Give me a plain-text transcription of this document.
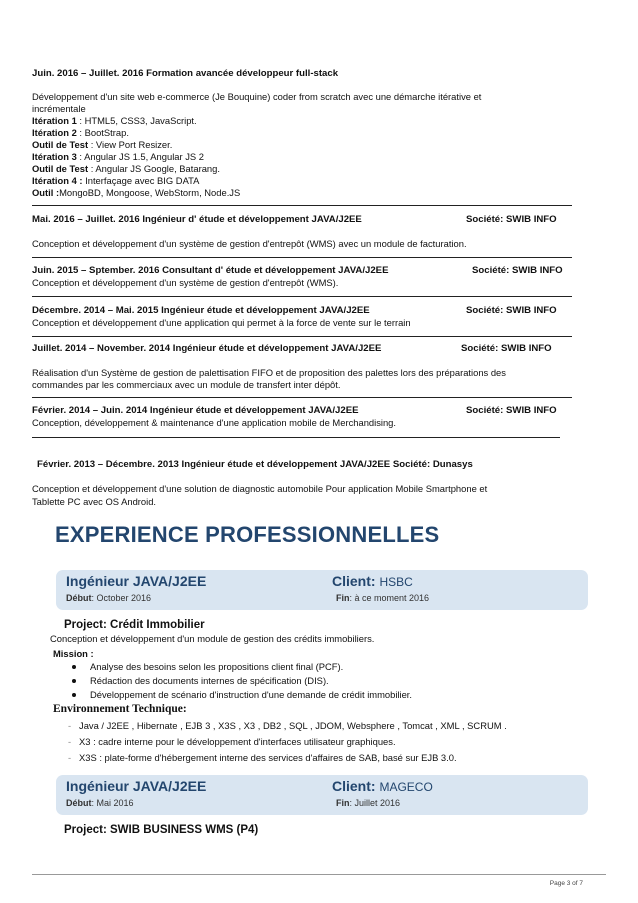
Juin. 2016 – Juillet. 2016 Formation avancée développeur full-stack
Développement d'un site web e-commerce (Je Bouquine) coder from scratch avec une démarche itérative et
incrémentale
Itération 1 : HTML5, CSS3, JavaScript.
Itération 2 : BootStrap.
Outil de Test : View Port Resizer.
Itération 3 : Angular JS 1.5, Angular JS 2
Outil de Test : Angular JS Google, Batarang.
Itération 4 : Interfaçage avec BIG DATA
Outil :MongoBD, Mongoose, WebStorm, Node.JS
Mai. 2016 – Juillet. 2016 Ingénieur d' étude et développement JAVA/J2EE	Société: SWIB INFO
Conception et développement d'un système de gestion d'entrepôt (WMS) avec un module de facturation.
Juin. 2015 – Sptember. 2016 Consultant d' étude et développement JAVA/J2EE	Société: SWIB INFO
Conception et développement d'un système de gestion d'entrepôt (WMS).
Décembre. 2014 – Mai. 2015 Ingénieur étude et développement JAVA/J2EE	Société: SWIB INFO
Conception et développement d'une application qui permet à la force de vente sur le terrain
Juillet. 2014 – November. 2014 Ingénieur étude et développement JAVA/J2EE	Société: SWIB INFO
Réalisation d'un Système de gestion de palettisation FIFO et de proposition des palettes lors des préparations des
commandes par les commerciaux avec un module de transfert inter dépôt.
Février. 2014 – Juin. 2014 Ingénieur étude et développement JAVA/J2EE	Société: SWIB INFO
Conception, développement & maintenance d'une application mobile de Merchandising.
Février. 2013 – Décembre. 2013 Ingénieur étude et développement JAVA/J2EE Société: Dunasys
Conception et développement d'une solution de diagnostic automobile Pour application Mobile Smartphone et
Tablette PC avec OS Android.
EXPERIENCE PROFESSIONNELLES
Ingénieur JAVA/J2EE	Client: HSBC
Début: October 2016	Fin: à ce moment 2016
Project: Crédit Immobilier
Conception et développement d'un module de gestion des crédits immobiliers.
Mission :
Analyse des besoins selon les propositions client final (PCF).
Rédaction des documents internes de spécification (DIS).
Développement de scénario d'instruction d'une demande de crédit immobilier.
Environnement Technique:
- Java / J2EE , Hibernate , EJB 3 , X3S , X3 , DB2 , SQL , JDOM, Websphere , Tomcat , XML , SCRUM .
- X3 : cadre interne pour le développement d'interfaces utilisateur graphiques.
- X3S : plate-forme d'hébergement interne des services d'affaires de SAB, basé sur EJB 3.0.
Ingénieur JAVA/J2EE	Client: MAGECO
Début: Mai 2016	Fin: Juillet 2016
Project: SWIB BUSINESS WMS (P4)
Page 3 of 7
